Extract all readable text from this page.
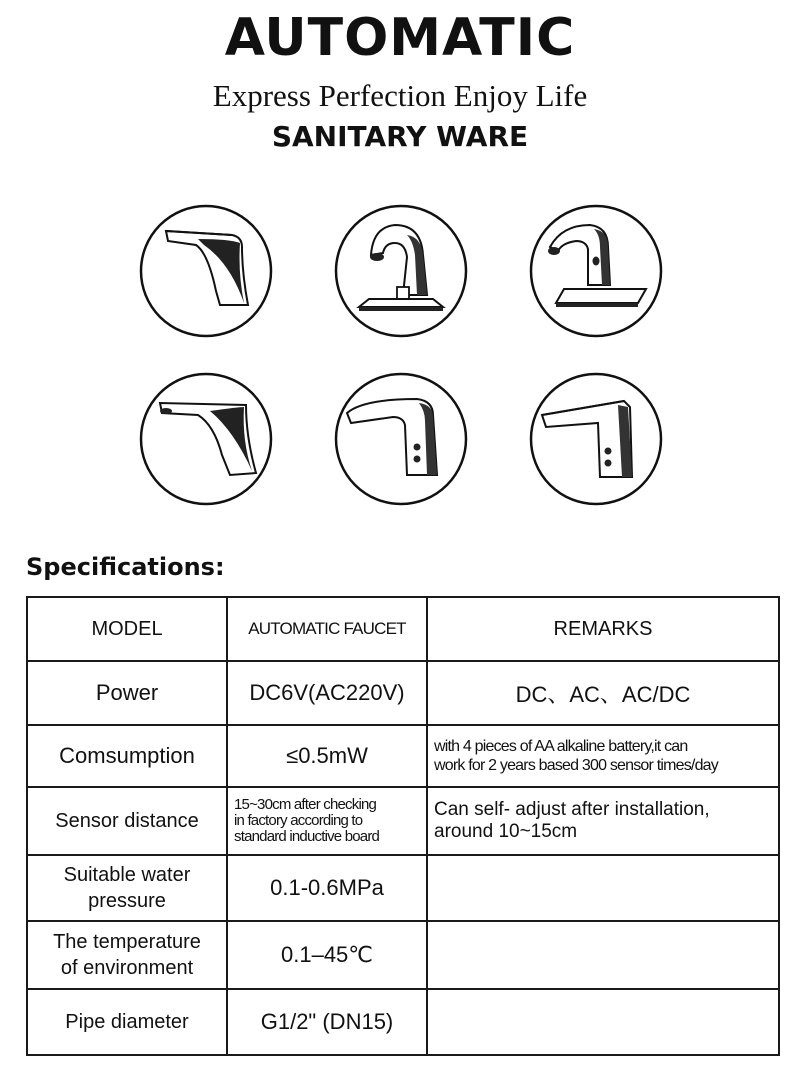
AUTOMATIC
Express Perfection Enjoy Life
SANITARY WARE
Specifications:
MODEL	AUTOMATIC FAUCET	REMARKS

Power	DC6V(AC220V)	DC、AC、AC/DC

Comsumption	≤0.5mW	with 4 pieces of AA alkaline battery,it can
work for 2 years based 300 sensor times/day

Sensor distance	15~30cm after checking
in factory according to
standard inductive board	Can self- adjust after installation,
around 10~15cm

Suitable water
pressure	0.1-0.6MPa	

The temperature
of environment	0.1–45℃	

Pipe diameter	G1/2" (DN15)	
